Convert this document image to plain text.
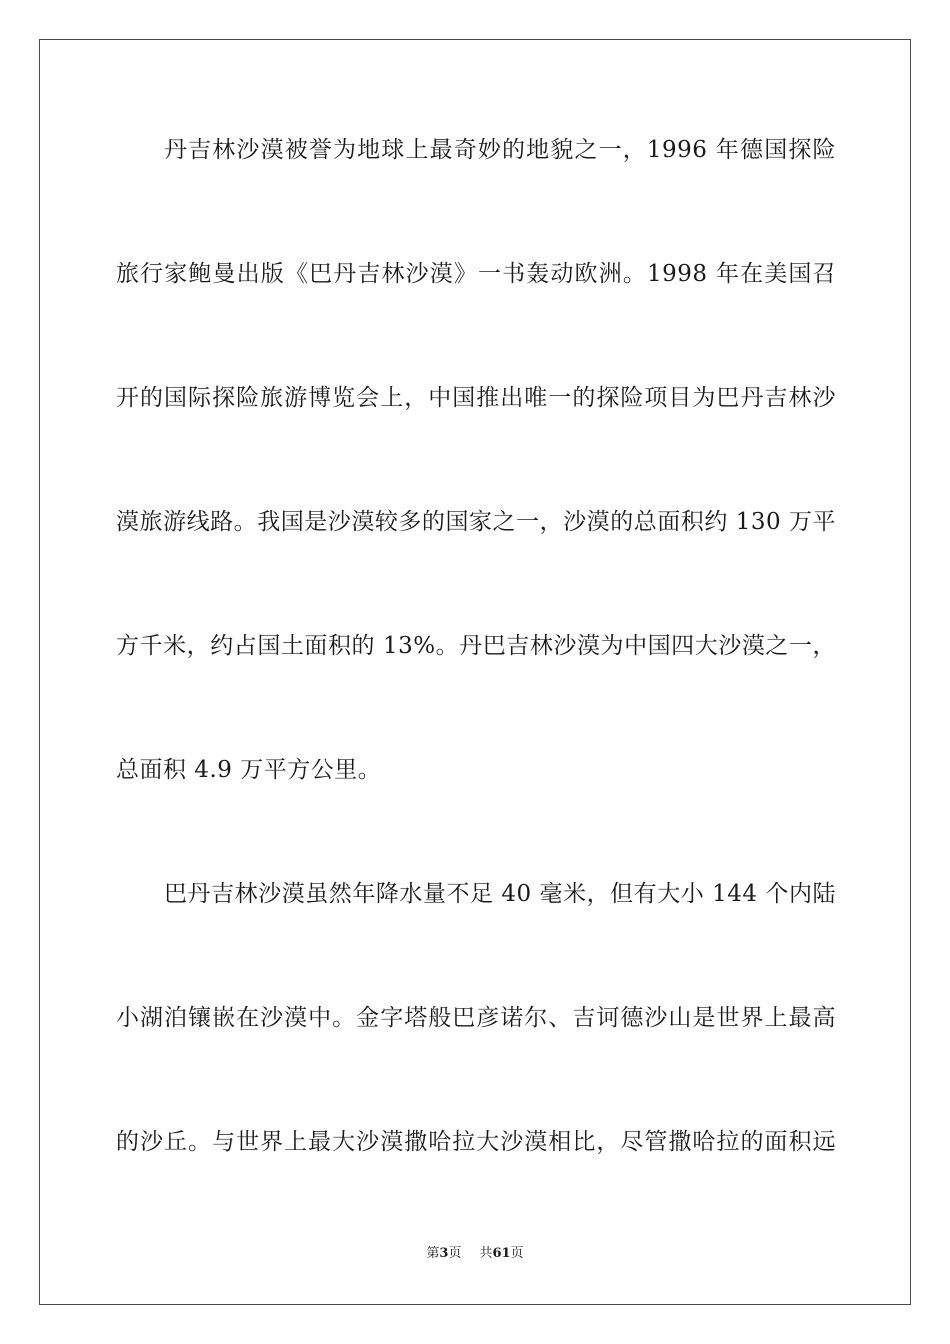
丹吉林沙漠被誉为地球上最奇妙的地貌之一，1996 年德国探险
旅行家鲍曼出版《巴丹吉林沙漠》一书轰动欧洲。1998 年在美国召
开的国际探险旅游博览会上，中国推出唯一的探险项目为巴丹吉林沙
漠旅游线路。我国是沙漠较多的国家之一，沙漠的总面积约 130 万平
方千米，约占国土面积的 13%。丹巴吉林沙漠为中国四大沙漠之一，
总面积 4.9 万平方公里。
巴丹吉林沙漠虽然年降水量不足 40 毫米，但有大小 144 个内陆
小湖泊镶嵌在沙漠中。金字塔般巴彦诺尔、吉诃德沙山是世界上最高
的沙丘。与世界上最大沙漠撒哈拉大沙漠相比，尽管撒哈拉的面积远
第3页 共61页
